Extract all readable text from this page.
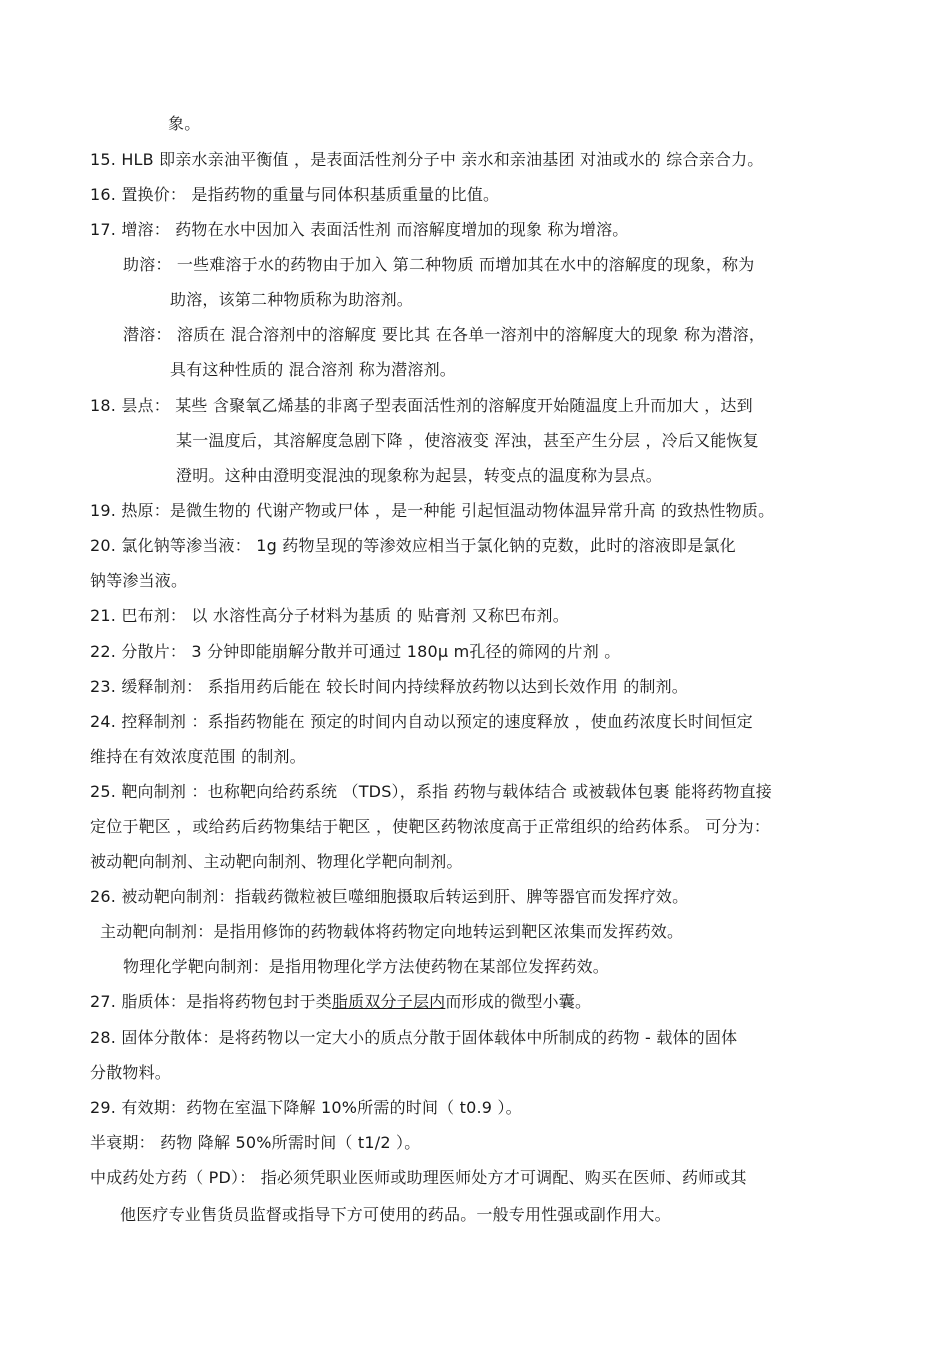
象。
15. HLB 即亲水亲油平衡值 ，是表面活性剂分子中 亲水和亲油基团 对油或水的 综合亲合力。
16. 置换价： 是指药物的重量与同体积基质重量的比值。
17. 增溶： 药物在水中因加入 表面活性剂 而溶解度增加的现象 称为增溶。
助溶： 一些难溶于水的药物由于加入 第二种物质 而增加其在水中的溶解度的现象，称为
助溶，该第二种物质称为助溶剂。
潜溶： 溶质在 混合溶剂中的溶解度 要比其 在各单一溶剂中的溶解度大的现象 称为潜溶，
具有这种性质的 混合溶剂 称为潜溶剂。
18. 昙点： 某些 含聚氧乙烯基的非离子型表面活性剂的溶解度开始随温度上升而加大 ，达到
某一温度后，其溶解度急剧下降 ，使溶液变 浑浊，甚至产生分层 ，冷后又能恢复
澄明。这种由澄明变混浊的现象称为起昙，转变点的温度称为昙点。
19. 热原：是微生物的 代谢产物或尸体 ，是一种能 引起恒温动物体温异常升高 的致热性物质。
20. 氯化钠等渗当液： 1g 药物呈现的等渗效应相当于氯化钠的克数，此时的溶液即是氯化
钠等渗当液。
21. 巴布剂： 以 水溶性高分子材料为基质 的 贴膏剂 又称巴布剂。
22. 分散片： 3 分钟即能崩解分散并可通过 180μ m孔径的筛网的片剂 。
23. 缓释制剂： 系指用药后能在 较长时间内持续释放药物以达到长效作用 的制剂。
24. 控释制剂 ：系指药物能在 预定的时间内自动以预定的速度释放 ，使血药浓度长时间恒定
维持在有效浓度范围 的制剂。
25. 靶向制剂 ：也称靶向给药系统 （TDS），系指 药物与载体结合 或被载体包裹 能将药物直接
定位于靶区 ，或给药后药物集结于靶区 ，使靶区药物浓度高于正常组织的给药体系。 可分为：
被动靶向制剂、主动靶向制剂、物理化学靶向制剂。
26. 被动靶向制剂：指载药微粒被巨噬细胞摄取后转运到肝、脾等器官而发挥疗效。
主动靶向制剂：是指用修饰的药物载体将药物定向地转运到靶区浓集而发挥药效。
物理化学靶向制剂：是指用物理化学方法使药物在某部位发挥药效。
27. 脂质体：是指将药物包封于类脂质双分子层内而形成的微型小囊。
28. 固体分散体：是将药物以一定大小的质点分散于固体载体中所制成的药物 - 载体的固体
分散物料。
29. 有效期：药物在室温下降解 10%所需的时间（ t0.9 ）。
半衰期： 药物 降解 50%所需时间（ t1/2 ）。
中成药处方药（ PD）： 指必须凭职业医师或助理医师处方才可调配、购买在医师、药师或其
他医疗专业售货员监督或指导下方可使用的药品。一般专用性强或副作用大。
